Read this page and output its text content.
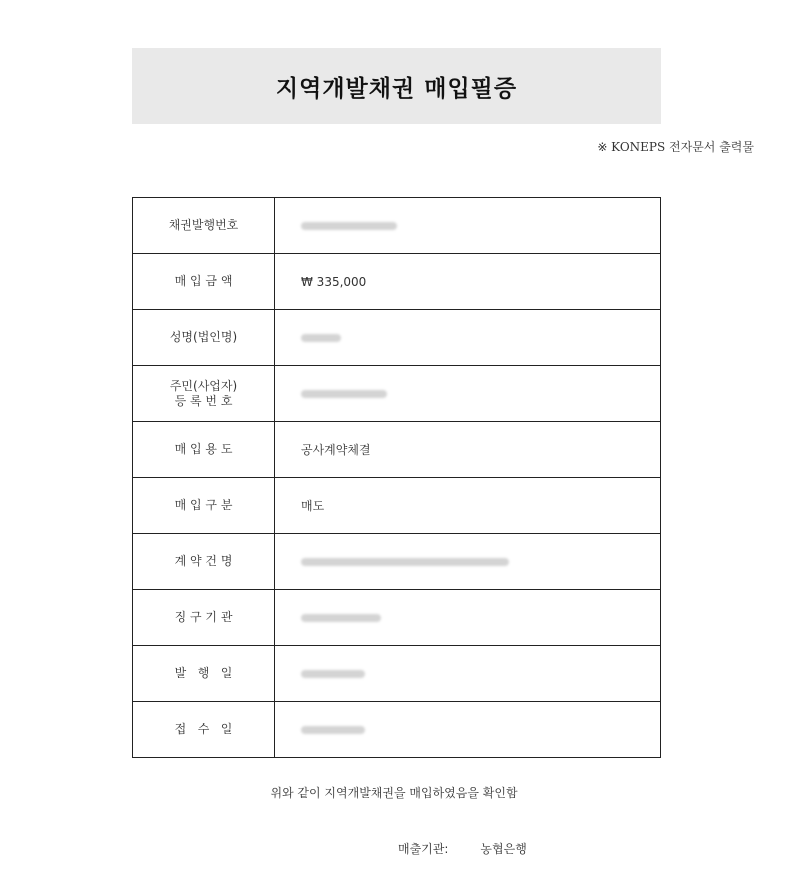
지역개발채권 매입필증
※ KONEPS 전자문서 출력물
채권발행번호	
매 입 금 액	₩ 335,000
성명(법인명)	

주민(사업자)
등 록 번 호	

매 입 용 도	공사계약체결
매 입 구 분	매도
계 약 건 명	
징 구 기 관	
발   행   일	
접   수   일	
위와 같이 지역개발채권을 매입하였음을 확인함
매출기관:	농협은행
